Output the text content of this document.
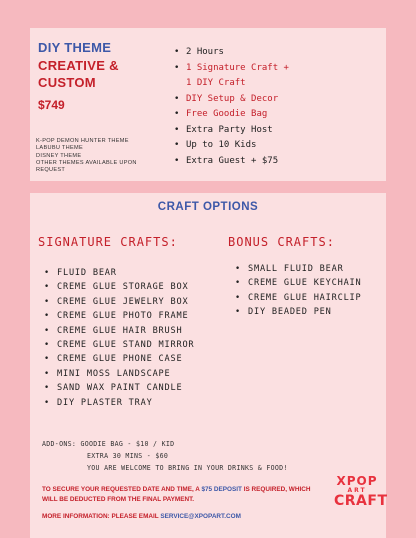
DIY THEME
CREATIVE &
CUSTOM
$749
K-POP DEMON HUNTER THEME
LABUBU THEME
DISNEY THEME
OTHER THEMES AVAILABLE UPON
REQUEST
• 2 Hours
• 1 Signature Craft +
1 DIY Craft
• DIY Setup & Decor
• Free Goodie Bag
• Extra Party Host
• Up to 10 Kids
• Extra Guest + $75
CRAFT OPTIONS
SIGNATURE CRAFTS:	BONUS CRAFTS:
• FLUID BEAR
• CREME GLUE STORAGE BOX
• CREME GLUE JEWELRY BOX
• CREME GLUE PHOTO FRAME
• CREME GLUE HAIR BRUSH
• CREME GLUE STAND MIRROR
• CREME GLUE PHONE CASE
• MINI MOSS LANDSCAPE
• SAND WAX PAINT CANDLE
• DIY PLASTER TRAY
• SMALL FLUID BEAR
• CREME GLUE KEYCHAIN
• CREME GLUE HAIRCLIP
• DIY BEADED PEN
ADD-ONS: GOODIE BAG - $10 / KID
EXTRA 30 MINS - $60
YOU ARE WELCOME TO BRING IN YOUR DRINKS & FOOD!
TO SECURE YOUR REQUESTED DATE AND TIME, A $75 DEPOSIT IS REQUIRED, WHICH WILL BE DEDUCTED FROM THE FINAL PAYMENT.
MORE INFORMATION: PLEASE EMAIL SERVICE@XPOPART.COM
XPOP
ART
CRAFT
